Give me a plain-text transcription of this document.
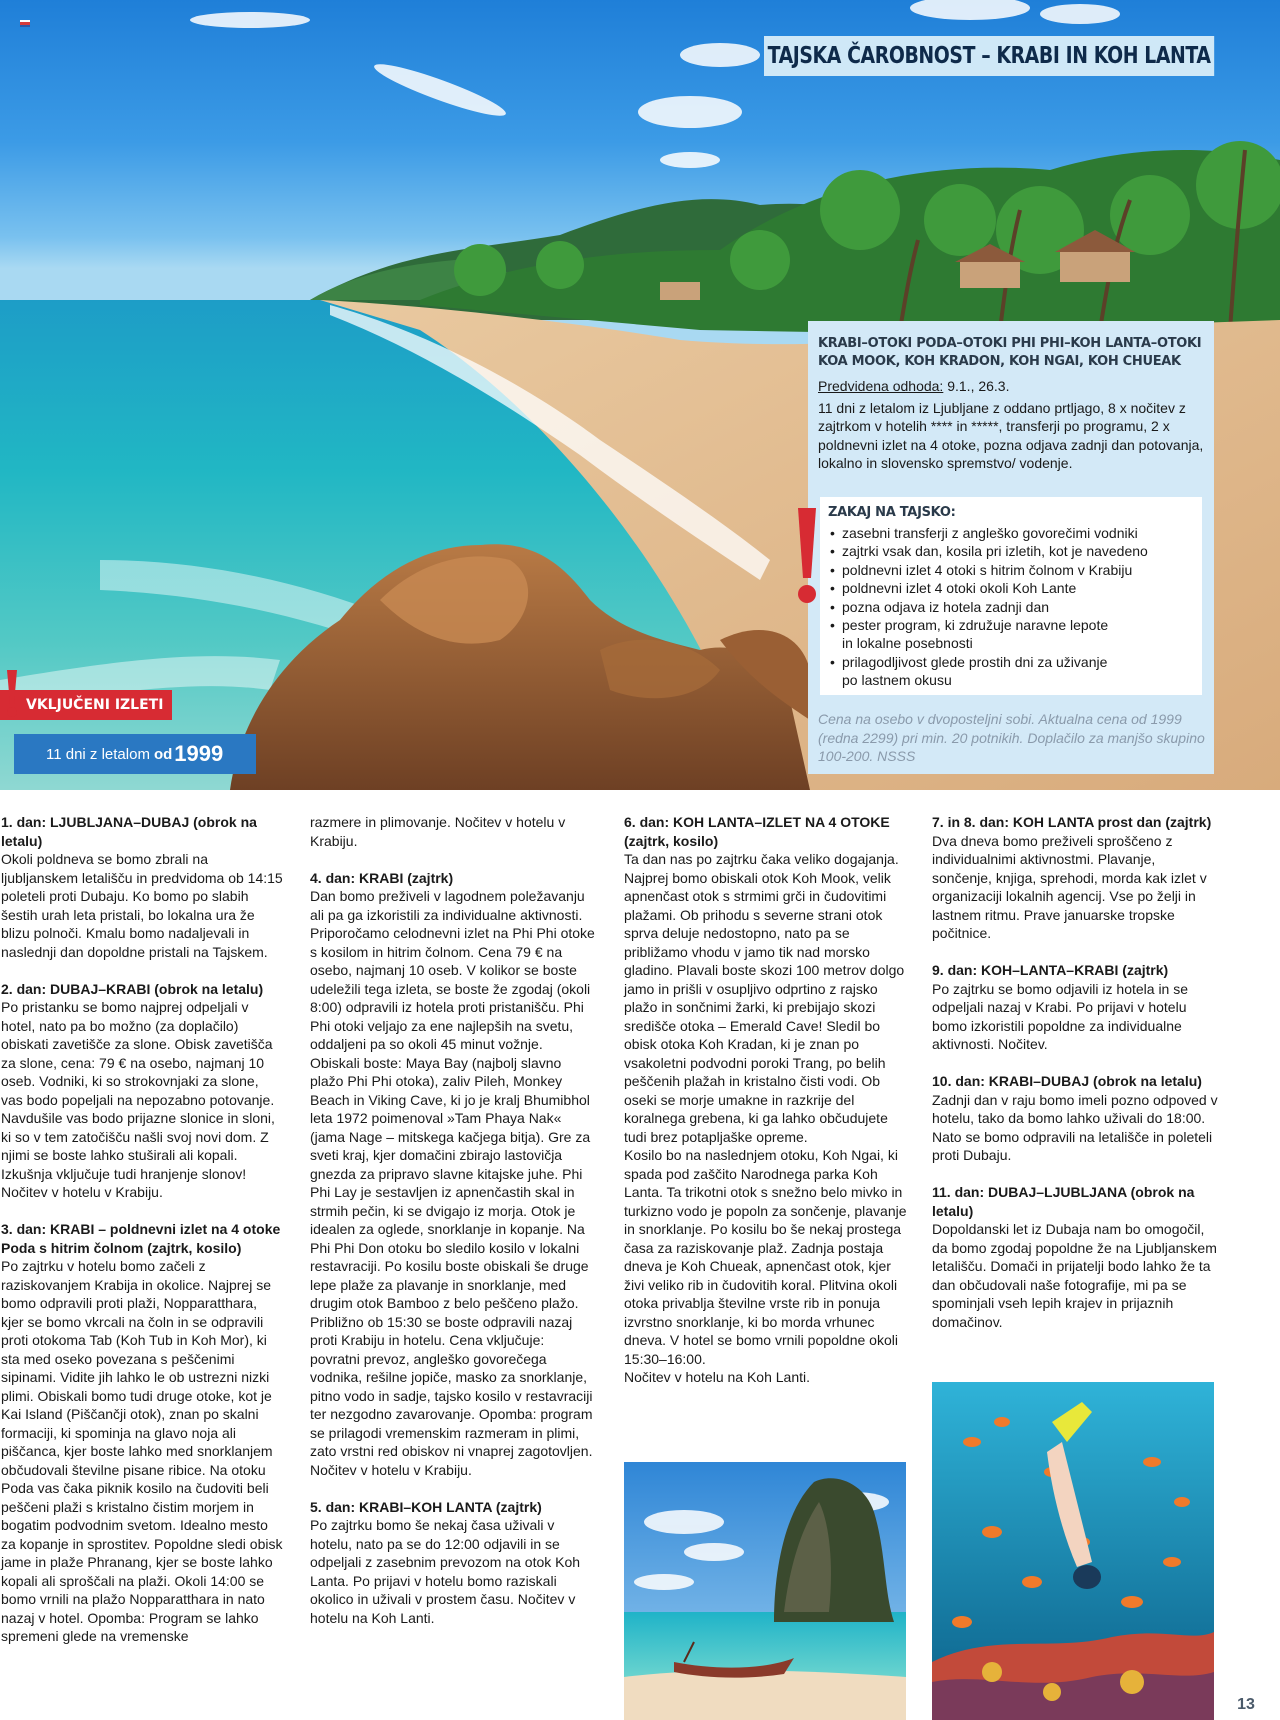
TAJSKA ČAROBNOST – KRABI IN KOH LANTA
KRABI–OTOKI PODA–OTOKI PHI PHI–KOH LANTA–OTOKI KOA MOOK, KOH KRADON, KOH NGAI, KOH CHUEAK
Predvidena odhoda: 9.1., 26.3.
11 dni z letalom iz Ljubljane z oddano prtljago, 8 x nočitev z zajtrkom v hotelih **** in *****, transferji po programu, 2 x poldnevni izlet na 4 otoke, pozna odjava zadnji dan potovanja, lokalno in slovensko spremstvo/ vodenje.
Cena na osebo v dvoposteljni sobi. Aktualna cena od 1999 (redna 2299) pri min. 20 potnikih. Doplačilo za manjšo skupino 100-200. NSSS
ZAKAJ NA TAJSKO:
• zasebni transferji z angleško govorečimi vodniki
• zajtrki vsak dan, kosila pri izletih, kot je navedeno
• poldnevni izlet 4 otoki s hitrim čolnom v Krabiju
• poldnevni izlet 4 otoki okoli Koh Lante
• pozna odjava iz hotela zadnji dan
• pester program, ki združuje naravne lepote
in lokalne posebnosti
• prilagodljivost glede prostih dni za uživanje
po lastnem okusu
VKLJUČENI IZLETI
11 dni z letalom od 1999
1. dan: LJUBLJANA–DUBAJ (obrok na letalu)
Okoli poldneva se bomo zbrali na ljubljanskem letališču in predvidoma ob 14:15 poleteli proti Dubaju. Ko bomo po slabih šestih urah leta pristali, bo lokalna ura že blizu polnoči. Kmalu bomo nadaljevali in naslednji dan dopoldne pristali na Tajskem.
2. dan: DUBAJ–KRABI (obrok na letalu)
Po pristanku se bomo najprej odpeljali v hotel, nato pa bo možno (za doplačilo) obiskati zavetišče za slone. Obisk zavetišča za slone, cena: 79 € na osebo, najmanj 10 oseb. Vodniki, ki so strokovnjaki za slone, vas bodo popeljali na nepozabno potovanje. Navdušile vas bodo prijazne slonice in sloni, ki so v tem zatočišču našli svoj novi dom. Z njimi se boste lahko stuširali ali kopali. Izkušnja vključuje tudi hranjenje slonov! Nočitev v hotelu v Krabiju.
3. dan: KRABI – poldnevni izlet na 4 otoke Poda s hitrim čolnom (zajtrk, kosilo)
Po zajtrku v hotelu bomo začeli z raziskovanjem Krabija in okolice. Najprej se bomo odpravili proti plaži, Nopparatthara, kjer se bomo vkrcali na čoln in se odpravili proti otokoma Tab (Koh Tub in Koh Mor), ki sta med oseko povezana s peščenimi sipinami. Vidite jih lahko le ob ustrezni nizki plimi. Obiskali bomo tudi druge otoke, kot je Kai Island (Piščančji otok), znan po skalni formaciji, ki spominja na glavo noja ali piščanca, kjer boste lahko med snorklanjem občudovali številne pisane ribice. Na otoku Poda vas čaka piknik kosilo na čudoviti beli peščeni plaži s kristalno čistim morjem in bogatim podvodnim svetom. Idealno mesto za kopanje in sprostitev. Popoldne sledi obisk jame in plaže Phranang, kjer se boste lahko kopali ali sproščali na plaži. Okoli 14:00 se bomo vrnili na plažo Nopparatthara in nato nazaj v hotel. Opomba: Program se lahko spremeni glede na vremenske
razmere in plimovanje. Nočitev v hotelu v Krabiju.
4. dan: KRABI (zajtrk)
Dan bomo preživeli v lagodnem poležavanju ali pa ga izkoristili za individualne aktivnosti. Priporočamo celodnevni izlet na Phi Phi otoke s kosilom in hitrim čolnom. Cena 79 € na osebo, najmanj 10 oseb. V kolikor se boste udeležili tega izleta, se boste že zgodaj (okoli 8:00) odpravili iz hotela proti pristanišču. Phi Phi otoki veljajo za ene najlepših na svetu, oddaljeni pa so okoli 45 minut vožnje. Obiskali boste: Maya Bay (najbolj slavno plažo Phi Phi otoka), zaliv Pileh, Monkey Beach in Viking Cave, ki jo je kralj Bhumibhol leta 1972 poimenoval »Tam Phaya Nak« (jama Nage – mitskega kačjega bitja). Gre za sveti kraj, kjer domačini zbirajo lastovičja gnezda za pripravo slavne kitajske juhe. Phi Phi Lay je sestavljen iz apnenčastih skal in strmih pečin, ki se dvigajo iz morja. Otok je idealen za oglede, snorklanje in kopanje. Na Phi Phi Don otoku bo sledilo kosilo v lokalni restavraciji. Po kosilu boste obiskali še druge lepe plaže za plavanje in snorklanje, med drugim otok Bamboo z belo peščeno plažo. Približno ob 15:30 se boste odpravili nazaj proti Krabiju in hotelu. Cena vključuje: povratni prevoz, angleško govorečega vodnika, rešilne jopiče, masko za snorklanje, pitno vodo in sadje, tajsko kosilo v restavraciji ter nezgodno zavarovanje. Opomba: program se prilagodi vremenskim razmeram in plimi, zato vrstni red obiskov ni vnaprej zagotovljen. Nočitev v hotelu v Krabiju.
5. dan: KRABI–KOH LANTA (zajtrk)
Po zajtrku bomo še nekaj časa uživali v hotelu, nato pa se do 12:00 odjavili in se odpeljali z zasebnim prevozom na otok Koh Lanta. Po prijavi v hotelu bomo raziskali okolico in uživali v prostem času. Nočitev v hotelu na Koh Lanti.
6. dan: KOH LANTA–IZLET NA 4 OTOKE (zajtrk, kosilo)
Ta dan nas po zajtrku čaka veliko dogajanja. Najprej bomo obiskali otok Koh Mook, velik apnenčast otok s strmimi grči in čudovitimi plažami. Ob prihodu s severne strani otok sprva deluje nedostopno, nato pa se približamo vhodu v jamo tik nad morsko gladino. Plavali boste skozi 100 metrov dolgo jamo in prišli v osupljivo odprtino z rajsko plažo in sončnimi žarki, ki prebijajo skozi središče otoka – Emerald Cave! Sledil bo obisk otoka Koh Kradan, ki je znan po vsakoletni podvodni poroki Trang, po belih peščenih plažah in kristalno čisti vodi. Ob oseki se morje umakne in razkrije del koralnega grebena, ki ga lahko občudujete tudi brez potapljaške opreme.
Kosilo bo na naslednjem otoku, Koh Ngai, ki spada pod zaščito Narodnega parka Koh Lanta. Ta trikotni otok s snežno belo mivko in turkizno vodo je popoln za sončenje, plavanje in snorklanje. Po kosilu bo še nekaj prostega časa za raziskovanje plaž. Zadnja postaja dneva je Koh Chueak, apnenčast otok, kjer živi veliko rib in čudovitih koral. Plitvina okoli otoka privablja številne vrste rib in ponuja izvrstno snorklanje, ki bo morda vrhunec dneva. V hotel se bomo vrnili popoldne okoli 15:30–16:00.
Nočitev v hotelu na Koh Lanti.
7. in 8. dan: KOH LANTA prost dan (zajtrk)
Dva dneva bomo preživeli sproščeno z individualnimi aktivnostmi. Plavanje, sončenje, knjiga, sprehodi, morda kak izlet v organizaciji lokalnih agencij. Vse po želji in lastnem ritmu. Prave januarske tropske počitnice.
9. dan: KOH–LANTA–KRABI (zajtrk)
Po zajtrku se bomo odjavili iz hotela in se odpeljali nazaj v Krabi. Po prijavi v hotelu bomo izkoristili popoldne za individualne aktivnosti. Nočitev.
10. dan: KRABI–DUBAJ (obrok na letalu)
Zadnji dan v raju bomo imeli pozno odpoved v hotelu, tako da bomo lahko uživali do 18:00. Nato se bomo odpravili na letališče in poleteli proti Dubaju.
11. dan: DUBAJ–LJUBLJANA (obrok na letalu)
Dopoldanski let iz Dubaja nam bo omogočil, da bomo zgodaj popoldne že na Ljubljanskem letališču. Domači in prijatelji bodo lahko že ta dan občudovali naše fotografije, mi pa se spominjali vseh lepih krajev in prijaznih domačinov.
13
